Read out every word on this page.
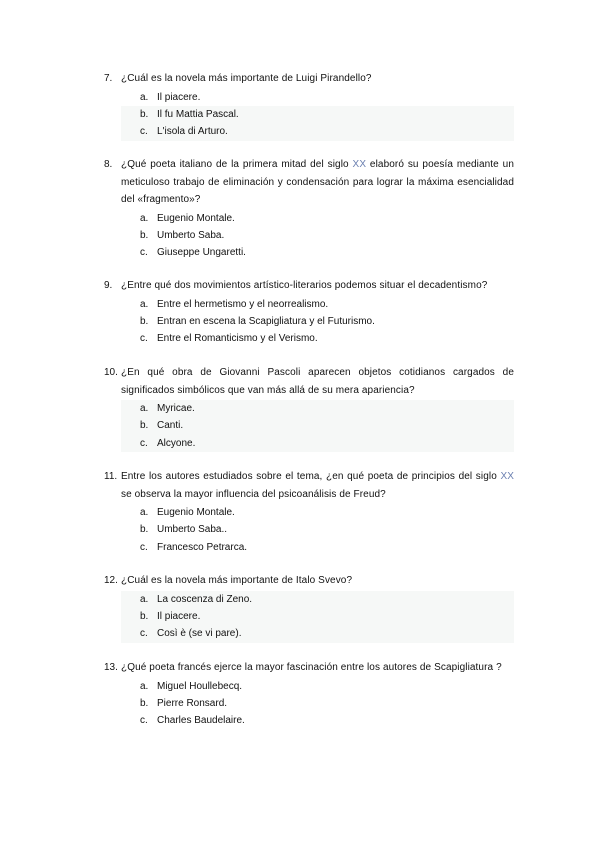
7. ¿Cuál es la novela más importante de Luigi Pirandello?
a. Il piacere.
b. Il fu Mattia Pascal.
c. L'isola di Arturo.
8. ¿Qué poeta italiano de la primera mitad del siglo XX elaboró su poesía mediante un meticuloso trabajo de eliminación y condensación para lograr la máxima esencialidad del «fragmento»?
a. Eugenio Montale.
b. Umberto Saba.
c. Giuseppe Ungaretti.
9. ¿Entre qué dos movimientos artístico-literarios podemos situar el decadentismo?
a. Entre el hermetismo y el neorrealismo.
b. Entran en escena la Scapigliatura y el Futurismo.
c. Entre el Romanticismo y el Verismo.
10. ¿En qué obra de Giovanni Pascoli aparecen objetos cotidianos cargados de significados simbólicos que van más allá de su mera apariencia?
a. Myricae.
b. Canti.
c. Alcyone.
11. Entre los autores estudiados sobre el tema, ¿en qué poeta de principios del siglo XX se observa la mayor influencia del psicoanálisis de Freud?
a. Eugenio Montale.
b. Umberto Saba..
c. Francesco Petrarca.
12. ¿Cuál es la novela más importante de Italo Svevo?
a. La coscenza di Zeno.
b. Il piacere.
c. Così è (se vi pare).
13. ¿Qué poeta francés ejerce la mayor fascinación entre los autores de Scapigliatura ?
a. Miguel Houllebecq.
b. Pierre Ronsard.
c. Charles Baudelaire.
